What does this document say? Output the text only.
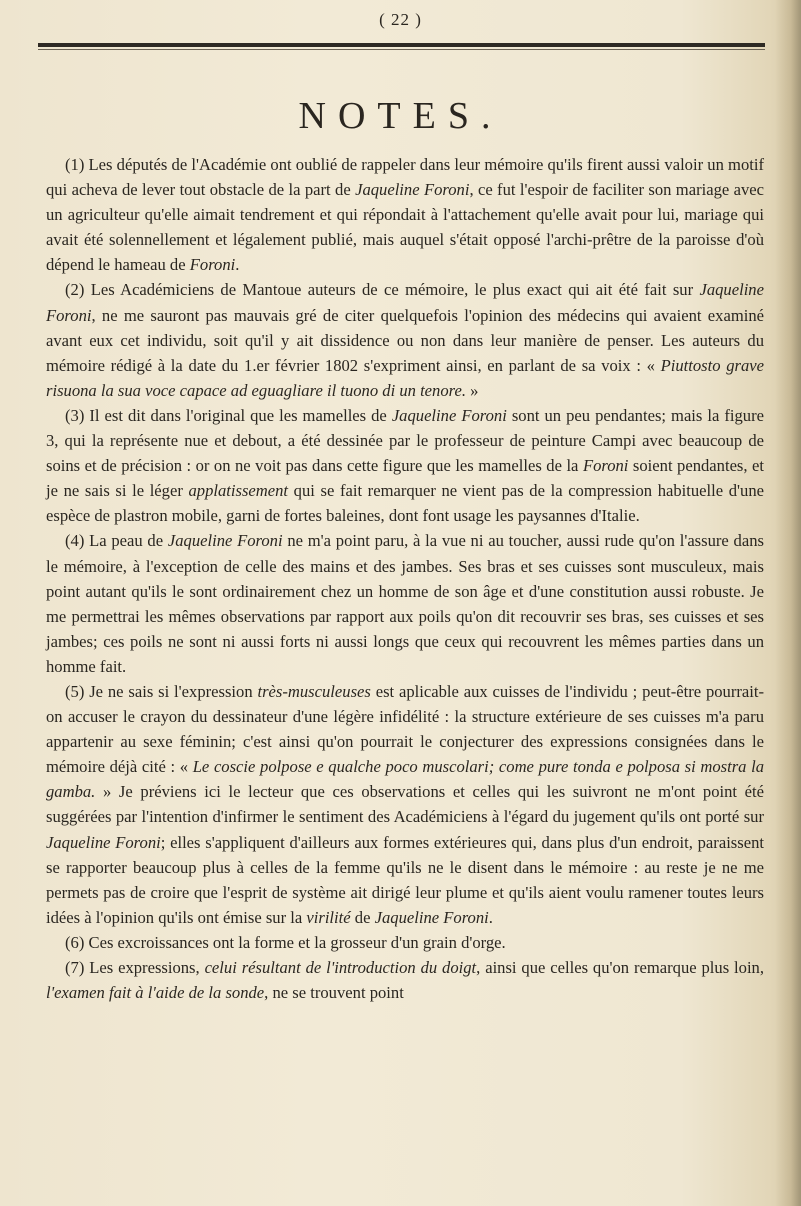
( 22 )
NOTES.

(1) Les députés de l'Académie ont oublié de rappeler dans leur mémoire qu'ils firent aussi valoir un motif qui acheva de lever tout obstacle de la part de Jaqueline Foroni, ce fut l'espoir de faciliter son mariage avec un agriculteur qu'elle aimait tendrement et qui répondait à l'attachement qu'elle avait pour lui, mariage qui avait été solennellement et légalement publié, mais auquel s'était opposé l'archi-prêtre de la paroisse d'où dépend le hameau de Foroni.

(2) Les Académiciens de Mantoue auteurs de ce mémoire, le plus exact qui ait été fait sur Jaqueline Foroni, ne me sauront pas mauvais gré de citer quelquefois l'opinion des médecins qui avaient examiné avant eux cet individu, soit qu'il y ait dissidence ou non dans leur manière de penser. Les auteurs du mémoire rédigé à la date du 1.er février 1802 s'expriment ainsi, en parlant de sa voix : « Piuttosto grave risuona la sua voce capace ad eguagliare il tuono di un tenore. »

(3) Il est dit dans l'original que les mamelles de Jaqueline Foroni sont un peu pendantes; mais la figure 3, qui la représente nue et debout, a été dessinée par le professeur de peinture Campi avec beaucoup de soins et de précision : or on ne voit pas dans cette figure que les mamelles de la Foroni soient pendantes, et je ne sais si le léger applatissement qui se fait remarquer ne vient pas de la compression habituelle d'une espèce de plastron mobile, garni de fortes baleines, dont font usage les paysannes d'Italie.

(4) La peau de Jaqueline Foroni ne m'a point paru, à la vue ni au toucher, aussi rude qu'on l'assure dans le mémoire, à l'exception de celle des mains et des jambes. Ses bras et ses cuisses sont musculeux, mais point autant qu'ils le sont ordinairement chez un homme de son âge et d'une constitution aussi robuste. Je me permettrai les mêmes observations par rapport aux poils qu'on dit recouvrir ses bras, ses cuisses et ses jambes; ces poils ne sont ni aussi forts ni aussi longs que ceux qui recouvrent les mêmes parties dans un homme fait.

(5) Je ne sais si l'expression très-musculeuses est aplicable aux cuisses de l'individu ; peut-être pourrait-on accuser le crayon du dessinateur d'une légère infidélité : la structure extérieure de ses cuisses m'a paru appartenir au sexe féminin; c'est ainsi qu'on pourrait le conjecturer des expressions consignées dans le mémoire déjà cité : « Le coscie polpose e qualche poco muscolari; come pure tonda e polposa si mostra la gamba. » Je préviens ici le lecteur que ces observations et celles qui les suivront ne m'ont point été suggérées par l'intention d'infirmer le sentiment des Académiciens à l'égard du jugement qu'ils ont porté sur Jaqueline Foroni; elles s'appliquent d'ailleurs aux formes extérieures qui, dans plus d'un endroit, paraissent se rapporter beaucoup plus à celles de la femme qu'ils ne le disent dans le mémoire : au reste je ne me permets pas de croire que l'esprit de système ait dirigé leur plume et qu'ils aient voulu ramener toutes leurs idées à l'opinion qu'ils ont émise sur la virilité de Jaqueline Foroni.

(6) Ces excroissances ont la forme et la grosseur d'un grain d'orge.

(7) Les expressions, celui résultant de l'introduction du doigt, ainsi que celles qu'on remarque plus loin, l'examen fait à l'aide de la sonde, ne se trouvent point
